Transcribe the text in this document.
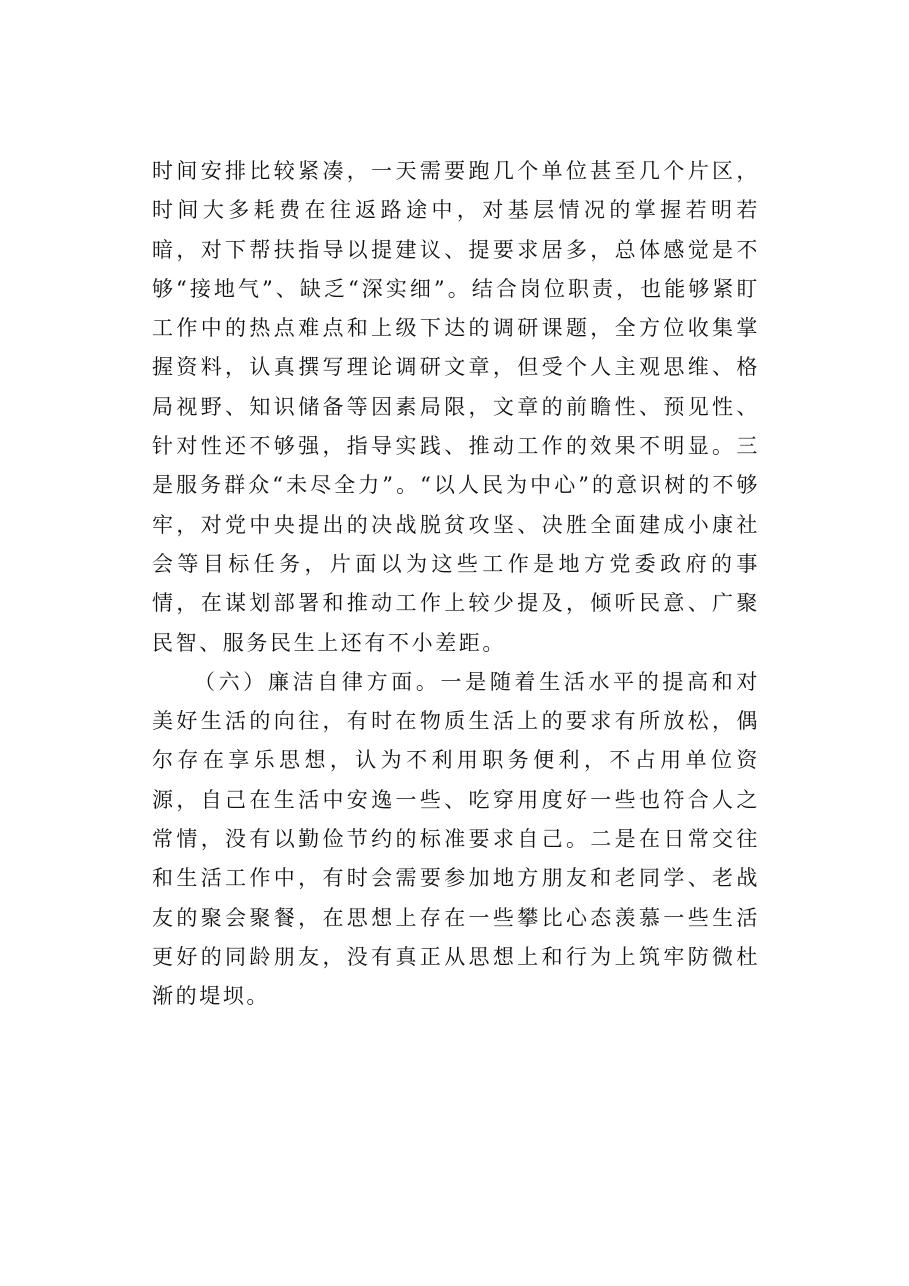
时间安排比较紧凑，一天需要跑几个单位甚至几个片区，时间大多耗费在往返路途中，对基层情况的掌握若明若暗，对下帮扶指导以提建议、提要求居多，总体感觉是不够“接地气”、缺乏“深实细”。结合岗位职责，也能够紧盯工作中的热点难点和上级下达的调研课题，全方位收集掌握资料，认真撰写理论调研文章，但受个人主观思维、格局视野、知识储备等因素局限，文章的前瞻性、预见性、针对性还不够强，指导实践、推动工作的效果不明显。三是服务群众“未尽全力”。“以人民为中心”的意识树的不够牢，对党中央提出的决战脱贫攻坚、决胜全面建成小康社会等目标任务，片面以为这些工作是地方党委政府的事情，在谋划部署和推动工作上较少提及，倾听民意、广聚民智、服务民生上还有不小差距。

（六）廉洁自律方面。一是随着生活水平的提高和对美好生活的向往，有时在物质生活上的要求有所放松，偶尔存在享乐思想，认为不利用职务便利，不占用单位资源，自己在生活中安逸一些、吃穿用度好一些也符合人之常情，没有以勤俭节约的标准要求自己。二是在日常交往和生活工作中，有时会需要参加地方朋友和老同学、老战友的聚会聚餐，在思想上存在一些攀比心态羡慕一些生活更好的同龄朋友，没有真正从思想上和行为上筑牢防微杜渐的堤坝。
